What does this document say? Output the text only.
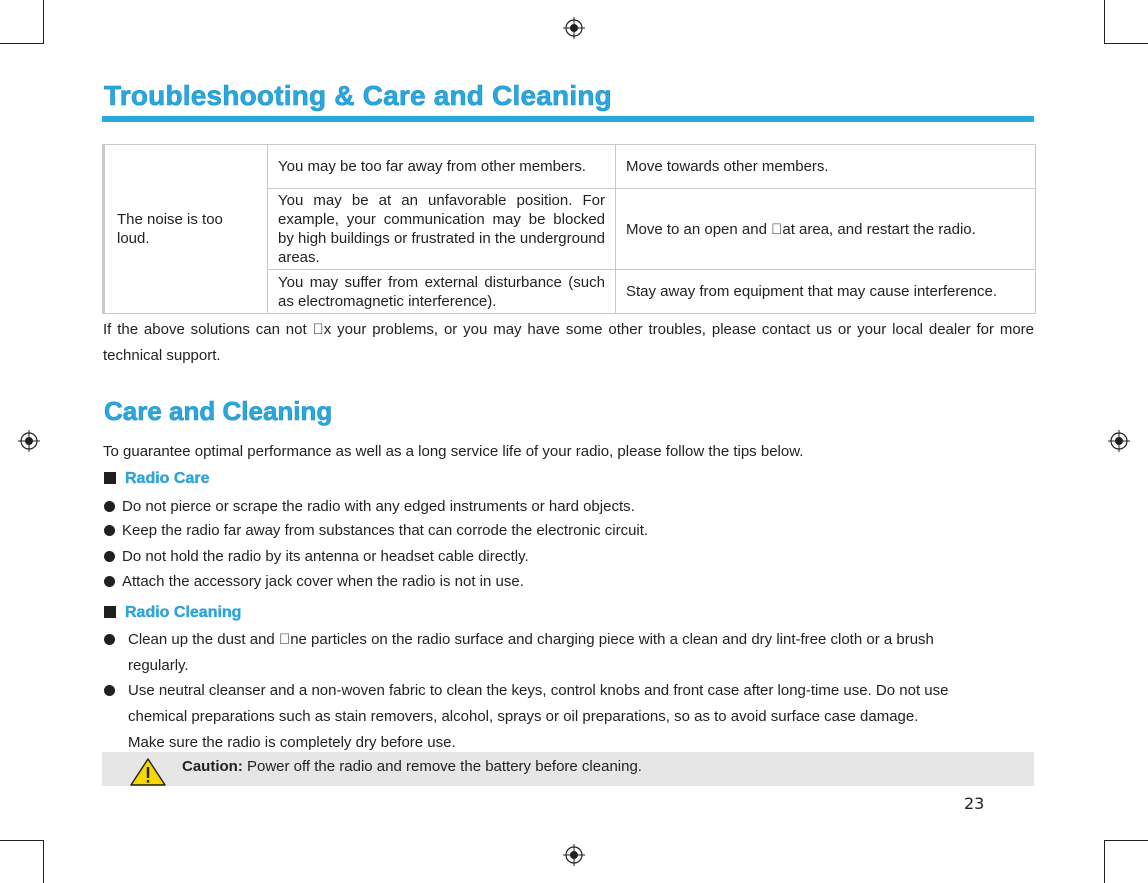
Troubleshooting & Care and Cleaning
The noise is too loud.	You may be too far away from other members.	Move towards other members.
	You may be at an unfavorable position. For example, your communication may be blocked by high buildings or frustrated in the underground areas.	Move to an open and at area, and restart the radio.
	You may suffer from external disturbance (such as electromagnetic interference).	Stay away from equipment that may cause interference.

If the above solutions can not x your problems, or you may have some other troubles, please contact us or your local dealer for more technical support.

Care and Cleaning

To guarantee optimal performance as well as a long service life of your radio, please follow the tips below.

Radio Care

Do not pierce or scrape the radio with any edged instruments or hard objects.

Keep the radio far away from substances that can corrode the electronic circuit.

Do not hold the radio by its antenna or headset cable directly.

Attach the accessory jack cover when the radio is not in use.

Radio Cleaning

Clean up the dust and ne particles on the radio surface and charging piece with a clean and dry lint-free cloth or a brush
regularly.

Use neutral cleanser and a non-woven fabric to clean the keys, control knobs and front case after long-time use. Do not use
chemical preparations such as stain removers, alcohol, sprays or oil preparations, so as to avoid surface case damage.
Make sure the radio is completely dry before use.

Caution: Power off the radio and remove the battery before cleaning.
23
